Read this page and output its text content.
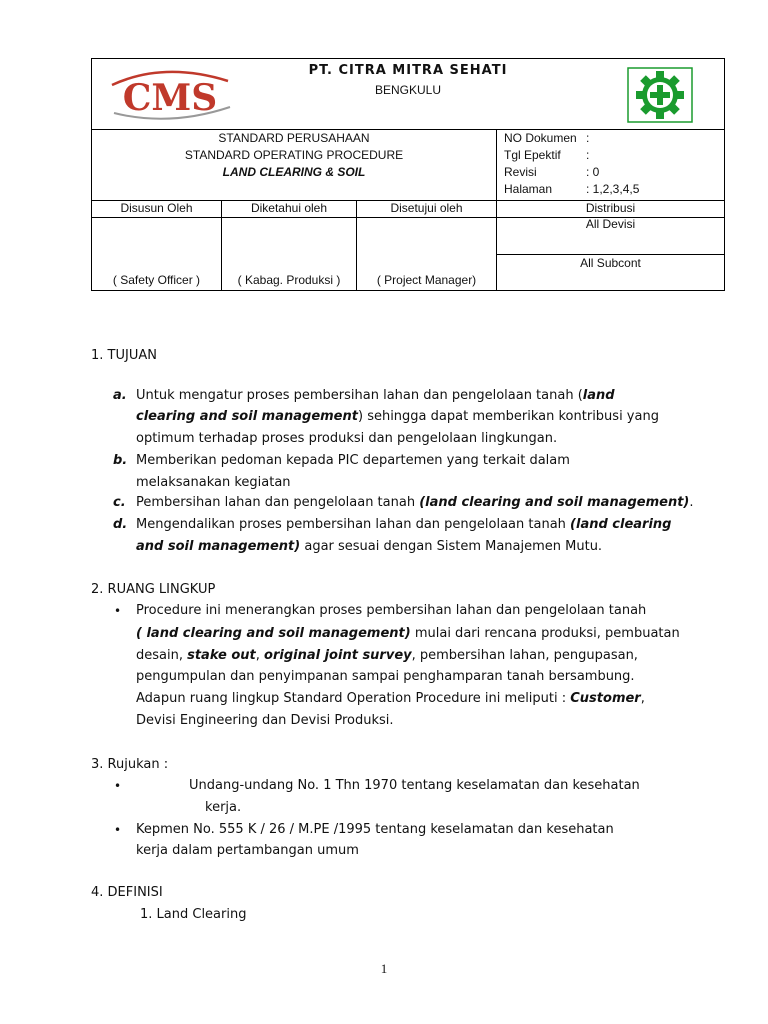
CMS
PT. CITRA MITRA SEHATI
BENGKULU
STANDARD PERUSAHAAN
STANDARD OPERATING PROCEDURE
LAND CLEARING & SOIL
NO Dokumen :
Tgl Epektif :
Revisi	: 0
Halaman	: 1,2,3,4,5
Disusun Oleh	Diketahui oleh	Disetujui oleh	Distribusi
( Safety Officer )	( Kabag. Produksi )	( Project Manager)
All Devisi
All Subcont
1. TUJUAN
a. Untuk mengatur proses pembersihan lahan dan pengelolaan tanah (land
clearing and soil management) sehingga dapat memberikan kontribusi yang
optimum terhadap proses produksi dan pengelolaan lingkungan.
b. Memberikan pedoman kepada PIC departemen yang terkait dalam
melaksanakan kegiatan
c. Pembersihan lahan dan pengelolaan tanah (land clearing and soil management).
d. Mengendalikan proses pembersihan lahan dan pengelolaan tanah (land clearing
and soil management) agar sesuai dengan Sistem Manajemen Mutu.
2. RUANG LINGKUP
• Procedure ini menerangkan proses pembersihan lahan dan pengelolaan tanah
( land clearing and soil management) mulai dari rencana produksi, pembuatan
desain, stake out, original joint survey, pembersihan lahan, pengupasan,
pengumpulan dan penyimpanan sampai penghamparan tanah bersambung.
Adapun ruang lingkup Standard Operation Procedure ini meliputi : Customer,
Devisi Engineering dan Devisi Produksi.
3. Rujukan :
•	Undang-undang No. 1 Thn 1970 tentang keselamatan dan kesehatan
kerja.
• Kepmen No. 555 K / 26 / M.PE /1995 tentang keselamatan dan kesehatan
kerja dalam pertambangan umum
4. DEFINISI
1. Land Clearing
1
